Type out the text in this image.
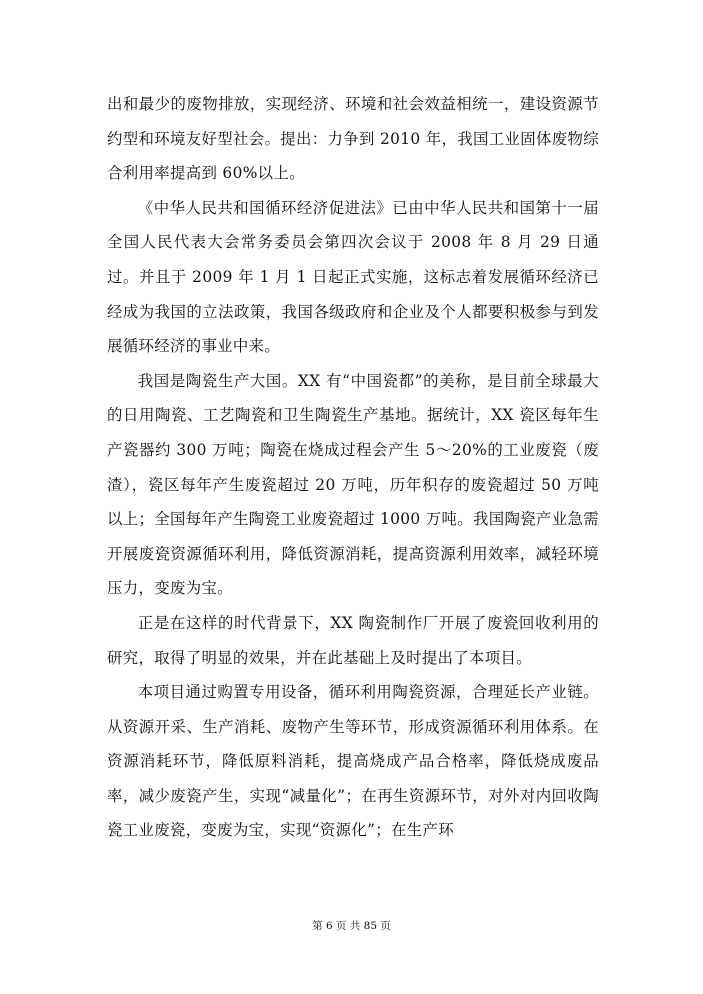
出和最少的废物排放，实现经济、环境和社会效益相统一，建设资源节约型和环境友好型社会。提出：力争到 2010 年，我国工业固体废物综合利用率提高到 60%以上。

《中华人民共和国循环经济促进法》已由中华人民共和国第十一届全国人民代表大会常务委员会第四次会议于 2008 年 8 月 29 日通过。并且于 2009 年 1 月 1 日起正式实施，这标志着发展循环经济已经成为我国的立法政策，我国各级政府和企业及个人都要积极参与到发展循环经济的事业中来。

我国是陶瓷生产大国。XX 有“中国瓷都”的美称，是目前全球最大的日用陶瓷、工艺陶瓷和卫生陶瓷生产基地。据统计，XX 瓷区每年生产瓷器约 300 万吨；陶瓷在烧成过程会产生 5～20%的工业废瓷（废渣），瓷区每年产生废瓷超过 20 万吨，历年积存的废瓷超过 50 万吨以上；全国每年产生陶瓷工业废瓷超过 1000 万吨。我国陶瓷产业急需开展废瓷资源循环利用，降低资源消耗，提高资源利用效率，减轻环境压力，变废为宝。

正是在这样的时代背景下，XX 陶瓷制作厂开展了废瓷回收利用的研究，取得了明显的效果，并在此基础上及时提出了本项目。

本项目通过购置专用设备，循环利用陶瓷资源，合理延长产业链。从资源开采、生产消耗、废物产生等环节，形成资源循环利用体系。在资源消耗环节，降低原料消耗，提高烧成产品合格率，降低烧成废品率，减少废瓷产生，实现“减量化”；在再生资源环节，对外对内回收陶瓷工业废瓷，变废为宝，实现“资源化”；在生产环

第 6 页 共 85 页
